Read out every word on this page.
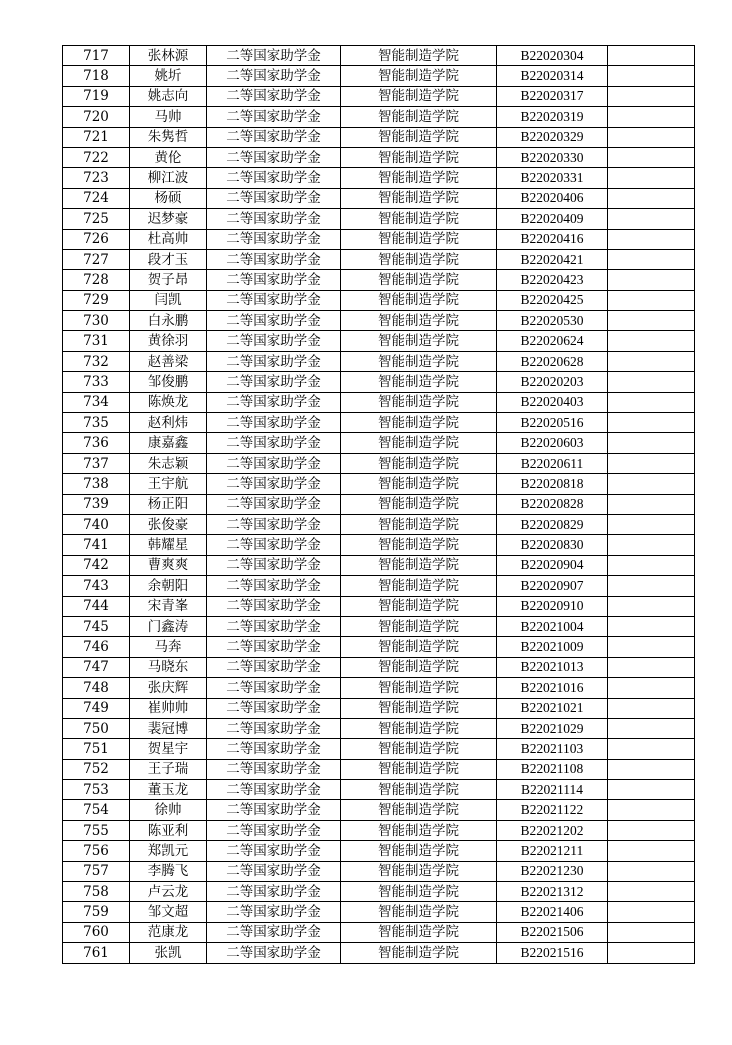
717	张林源	二等国家助学金	智能制造学院	B22020304	
718	姚圻	二等国家助学金	智能制造学院	B22020314	
719	姚志向	二等国家助学金	智能制造学院	B22020317	
720	马帅	二等国家助学金	智能制造学院	B22020319	
721	朱隽哲	二等国家助学金	智能制造学院	B22020329	
722	黄伦	二等国家助学金	智能制造学院	B22020330	
723	柳江波	二等国家助学金	智能制造学院	B22020331	
724	杨硕	二等国家助学金	智能制造学院	B22020406	
725	迟梦豪	二等国家助学金	智能制造学院	B22020409	
726	杜高帅	二等国家助学金	智能制造学院	B22020416	
727	段才玉	二等国家助学金	智能制造学院	B22020421	
728	贺子昂	二等国家助学金	智能制造学院	B22020423	
729	闫凯	二等国家助学金	智能制造学院	B22020425	
730	白永鹏	二等国家助学金	智能制造学院	B22020530	
731	黄徐羽	二等国家助学金	智能制造学院	B22020624	
732	赵善梁	二等国家助学金	智能制造学院	B22020628	
733	邹俊鹏	二等国家助学金	智能制造学院	B22020203	
734	陈焕龙	二等国家助学金	智能制造学院	B22020403	
735	赵利炜	二等国家助学金	智能制造学院	B22020516	
736	康嘉鑫	二等国家助学金	智能制造学院	B22020603	
737	朱志颖	二等国家助学金	智能制造学院	B22020611	
738	王宇航	二等国家助学金	智能制造学院	B22020818	
739	杨正阳	二等国家助学金	智能制造学院	B22020828	
740	张俊豪	二等国家助学金	智能制造学院	B22020829	
741	韩耀星	二等国家助学金	智能制造学院	B22020830	
742	曹爽爽	二等国家助学金	智能制造学院	B22020904	
743	余朝阳	二等国家助学金	智能制造学院	B22020907	
744	宋青峯	二等国家助学金	智能制造学院	B22020910	
745	门鑫涛	二等国家助学金	智能制造学院	B22021004	
746	马奔	二等国家助学金	智能制造学院	B22021009	
747	马晓东	二等国家助学金	智能制造学院	B22021013	
748	张庆辉	二等国家助学金	智能制造学院	B22021016	
749	崔帅帅	二等国家助学金	智能制造学院	B22021021	
750	裴冠博	二等国家助学金	智能制造学院	B22021029	
751	贺星宇	二等国家助学金	智能制造学院	B22021103	
752	王子瑞	二等国家助学金	智能制造学院	B22021108	
753	董玉龙	二等国家助学金	智能制造学院	B22021114	
754	徐帅	二等国家助学金	智能制造学院	B22021122	
755	陈亚利	二等国家助学金	智能制造学院	B22021202	
756	郑凯元	二等国家助学金	智能制造学院	B22021211	
757	李腾飞	二等国家助学金	智能制造学院	B22021230	
758	卢云龙	二等国家助学金	智能制造学院	B22021312	
759	邹文超	二等国家助学金	智能制造学院	B22021406	
760	范康龙	二等国家助学金	智能制造学院	B22021506	
761	张凯	二等国家助学金	智能制造学院	B22021516	
